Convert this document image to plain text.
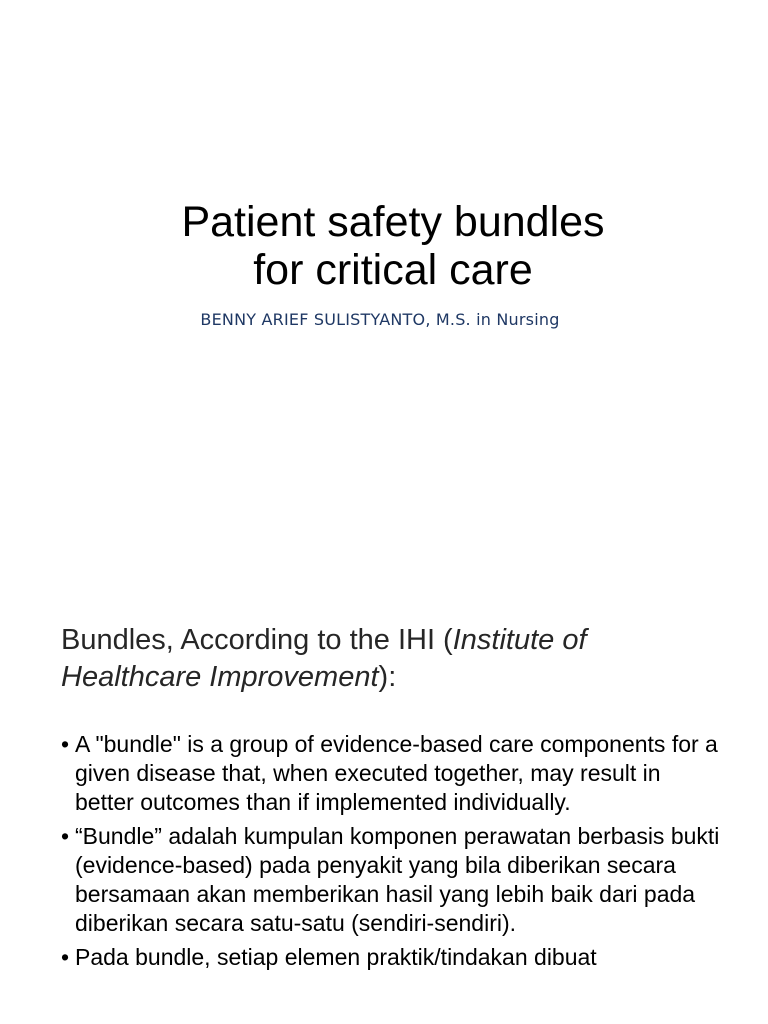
Patient safety bundles
for critical care
BENNY ARIEF SULISTYANTO, M.S. in Nursing
Bundles, According to the IHI (Institute of
Healthcare Improvement):
• A "bundle" is a group of evidence-based care components for a given disease that, when executed together, may result in better outcomes than if implemented individually.
• “Bundle” adalah kumpulan komponen perawatan berbasis bukti (evidence-based) pada penyakit yang bila diberikan secara bersamaan akan memberikan hasil yang lebih baik dari pada diberikan secara satu-satu (sendiri-sendiri).
• Pada bundle, setiap elemen praktik/tindakan dibuat
